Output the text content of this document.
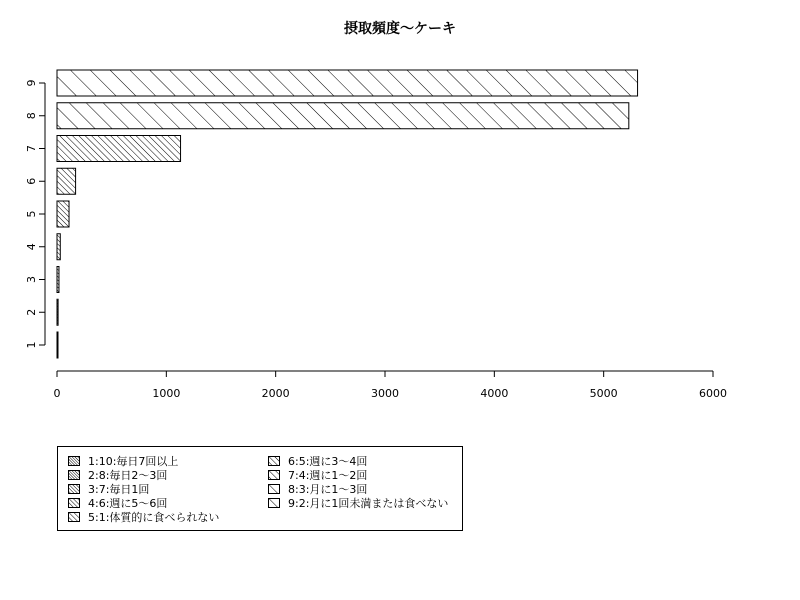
摂取頻度～ケーキ
0	1000	2000	3000	4000	5000	6000
1
2
3
4
5
6
7
8
9
1:10:毎日7回以上
2:8:毎日2～3回
3:7:毎日1回
4:6:週に5～6回
5:1:体質的に食べられない
6:5:週に3～4回
7:4:週に1～2回
8:3:月に1～3回
9:2:月に1回未満または食べない
